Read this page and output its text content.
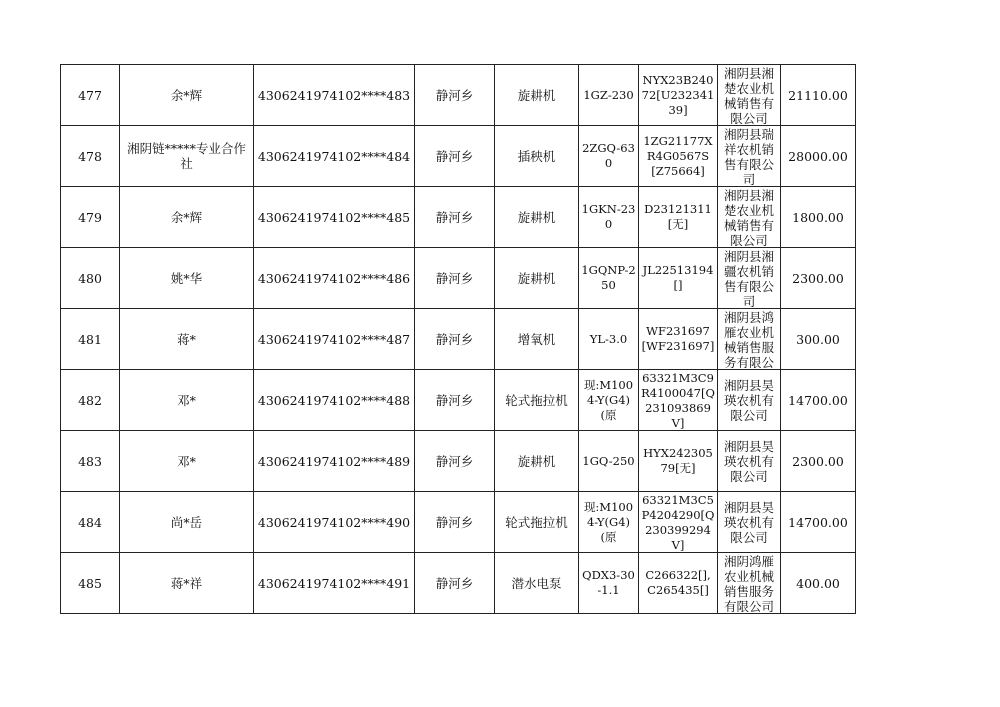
477	余*辉	4306241974102****483	静河乡	旋耕机	1GZ-230	NYX23B24072[U23234139]	湘阴县湘楚农业机械销售有限公司	21110.00
478	湘阴链*****专业合作社	4306241974102****484	静河乡	插秧机	2ZGQ-630	1ZG21177XR4G0567S[Z75664]	湘阴县瑞祥农机销售有限公司	28000.00
479	余*辉	4306241974102****485	静河乡	旋耕机	1GKN-230	D23121311[无]	湘阴县湘楚农业机械销售有限公司	1800.00
480	姚*华	4306241974102****486	静河乡	旋耕机	1GQNP-250	JL22513194[]	湘阴县湘疆农机销售有限公司	2300.00
481	蒋*	4306241974102****487	静河乡	增氧机	YL-3.0	WF231697[WF231697]	湘阴县鸿雁农业机械销售服务有限公	300.00
482	邓*	4306241974102****488	静河乡	轮式拖拉机	现:M1004-Y(G4)(原	63321M3C9R4100047[Q231093869V]	湘阴县昊瑛农机有限公司	14700.00
483	邓*	4306241974102****489	静河乡	旋耕机	1GQ-250	HYX24230579[无]	湘阴县昊瑛农机有限公司	2300.00
484	尚*岳	4306241974102****490	静河乡	轮式拖拉机	现:M1004-Y(G4)(原	63321M3C5P4204290[Q230399294V]	湘阴县昊瑛农机有限公司	14700.00
485	蒋*祥	4306241974102****491	静河乡	潜水电泵	QDX3-30-1.1	C266322[],C265435[]	湘阴鸿雁农业机械销售服务有限公司	400.00
